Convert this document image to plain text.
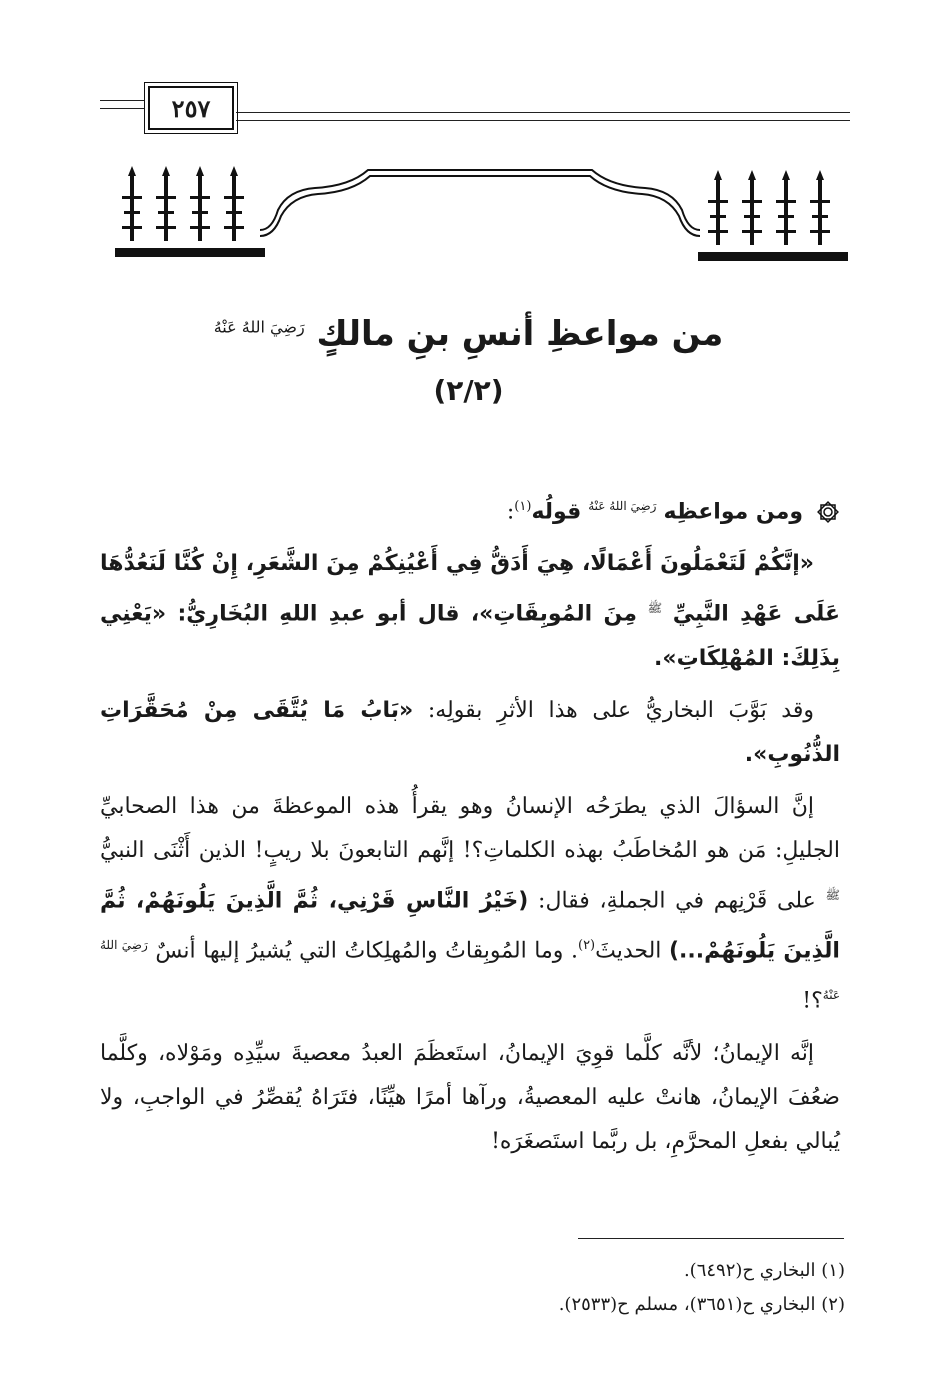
٢٥٧
من مواعظِ أنسِ بنِ مالكٍ $^{رَضِيَ اللهُ عَنْهُ}$
(٢/٢)

ومن مواعظِه $^{رَضِيَ اللهُ عَنْهُ}$ قولُه$^{(١)}$:

«إنَّكُمْ لَتَعْمَلُونَ أَعْمَالًا، هِيَ أَدَقُّ فِي أَعْيُنِكُمْ مِنَ الشَّعَرِ، إِنْ كُنَّا لَنَعُدُّهَا عَلَى عَهْدِ النَّبِيِّ $^ﷺ$ مِنَ المُوبِقَاتِ»، قال أبو عبدِ اللهِ البُخَارِيُّ: «يَعْنِي بِذَلِكَ: المُهْلِكَاتِ».

وقد بَوَّبَ البخاريُّ على هذا الأثرِ بقولِه: «بَابُ مَا يُتَّقَى مِنْ مُحَقَّرَاتِ الذُّنُوبِ».

إنَّ السؤالَ الذي يطرَحُه الإنسانُ وهو يقرأُ هذه الموعظةَ من هذا الصحابيِّ الجليلِ: مَن هو المُخاطَبُ بهذه الكلماتِ؟! إنَّهم التابعونَ بلا ريبٍ! الذين أَثْنَى النبيُّ $^ﷺ$ على قَرْنِهم في الجملةِ، فقال: (خَيْرُ النَّاسِ قَرْنِي، ثُمَّ الَّذِينَ يَلُونَهُمْ، ثُمَّ الَّذِينَ يَلُونَهُمْ...) الحديثَ$^{(٢)}$. وما المُوبِقاتُ والمُهلِكاتُ التي يُشيرُ إليها أنسٌ $^{رَضِيَ اللهُ عَنْهُ}$؟!

إنَّه الإيمانُ؛ لأنَّه كلَّما قوِيَ الإيمانُ، استَعظَمَ العبدُ معصيةَ سيِّدِه ومَوْلاه، وكلَّما ضعُفَ الإيمانُ، هانتْ عليه المعصيةُ، ورآها أمرًا هيِّنًا، فتَرَاهُ يُقصِّرُ في الواجبِ، ولا يُبالي بفعلِ المحرَّمِ، بل ربَّما استَصغَرَه!

(١) البخاري ح(٦٤٩٢).
(٢) البخاري ح(٣٦٥١)، مسلم ح(٢٥٣٣).
